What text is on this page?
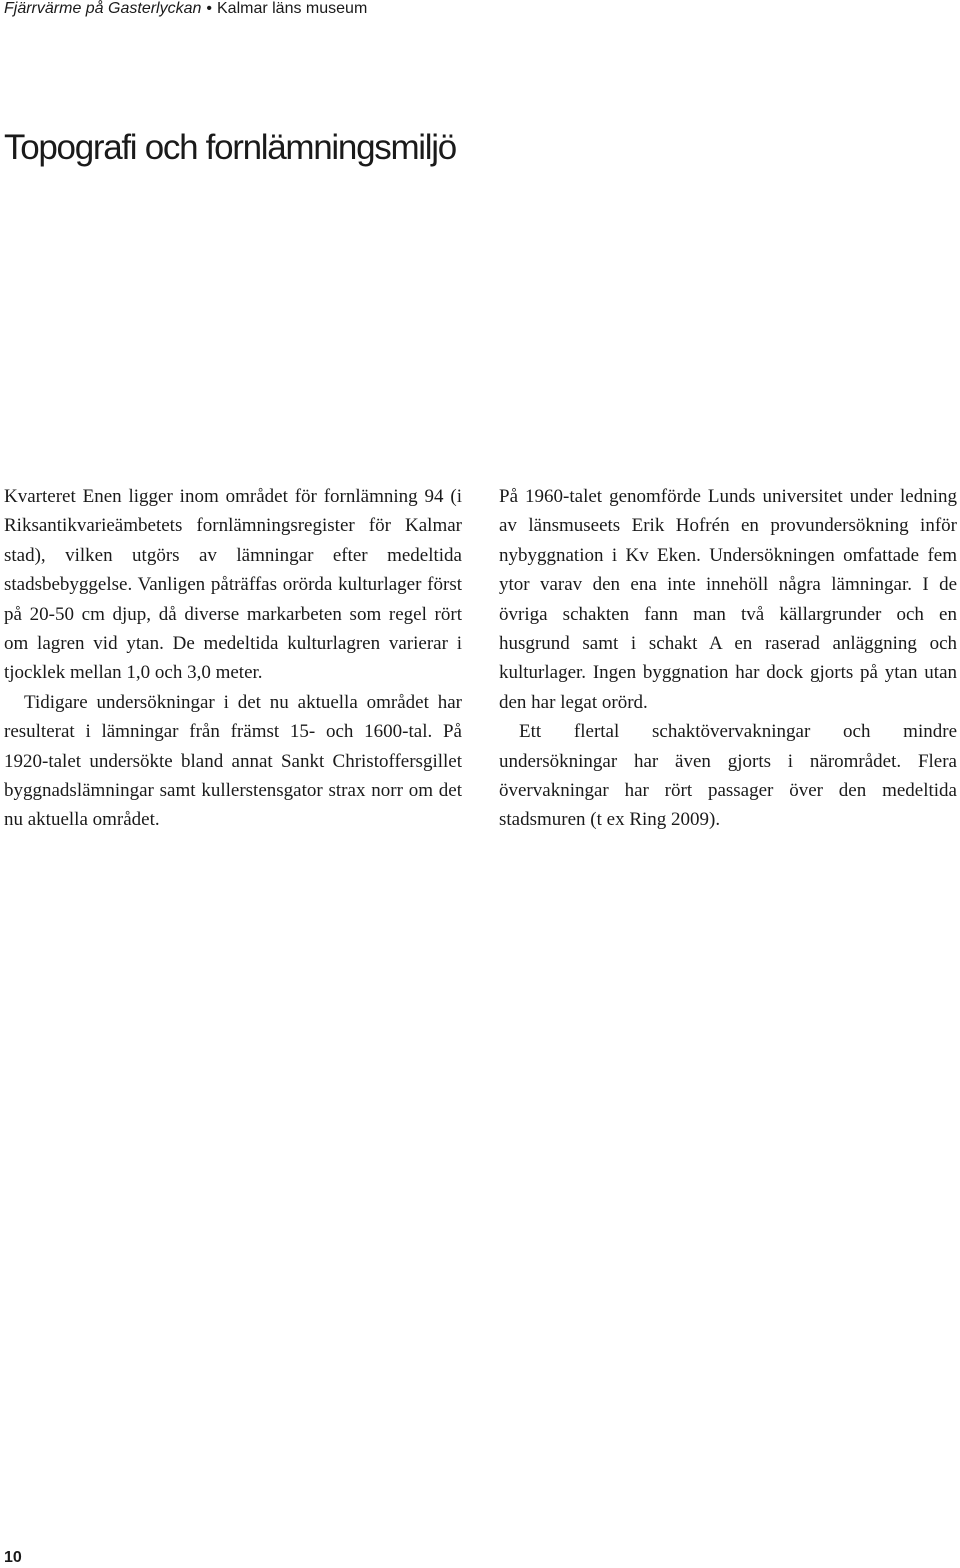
Fjärrvärme på Gasterlyckan • Kalmar läns museum
Topografi och fornlämningsmiljö

Kvarteret Enen ligger inom området för fornlämning 94 (i Riksantikvarieämbetets fornlämningsregister för Kalmar stad), vilken utgörs av lämningar efter medeltida stadsbebyggelse. Vanligen påträffas orörda kulturlager först på 20-50 cm djup, då diverse markarbeten som regel rört om lagren vid ytan. De medeltida kulturlagren varierar i tjocklek mellan 1,0 och 3,0 meter.

Tidigare undersökningar i det nu aktuella området har resulterat i lämningar från främst 15- och 1600-tal. På 1920-talet undersökte bland annat Sankt Christoffersgillet byggnadslämningar samt kullerstensgator strax norr om det nu aktuella området.

På 1960-talet genomförde Lunds universitet under ledning av länsmuseets Erik Hofrén en provundersökning inför nybyggnation i Kv Eken. Undersökningen omfattade fem ytor varav den ena inte innehöll några lämningar. I de övriga schakten fann man två källargrunder och en husgrund samt i schakt A en raserad anläggning och kulturlager. Ingen byggnation har dock gjorts på ytan utan den har legat orörd.

Ett flertal schaktövervakningar och mindre undersökningar har även gjorts i närområdet. Flera övervakningar har rört passager över den medeltida stadsmuren (t ex Ring 2009).

10
